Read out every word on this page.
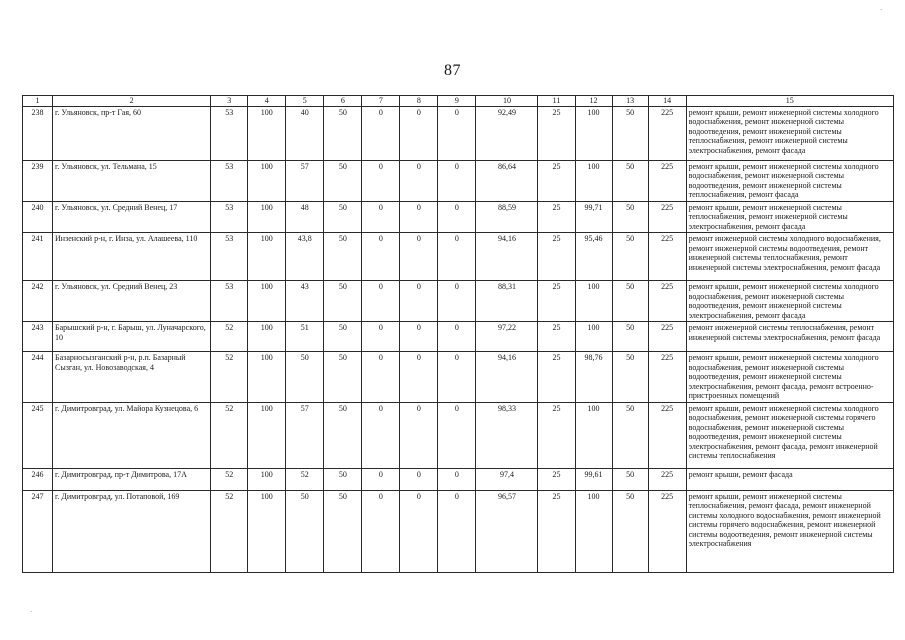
87
1	2	3	4	5	6	7	8	9	10	11	12	13	14	15
238	г. Ульяновск, пр-т Гая, 60	53	100	40	50	0	0	0	92,49	25	100	50	225	ремонт крыши, ремонт инженерной системы холодного водоснабжения, ремонт инженерной системы водоотведения, ремонт инженерной системы теплоснабжения, ремонт инженерной системы электроснабжения, ремонт фасада
239	г. Ульяновск, ул. Тельмана, 15	53	100	57	50	0	0	0	86,64	25	100	50	225	ремонт крыши, ремонт инженерной системы холодного водоснабжения, ремонт инженерной системы водоотведения, ремонт инженерной системы теплоснабжения, ремонт фасада
240	г. Ульяновск, ул. Средний Венец, 17	53	100	48	50	0	0	0	88,59	25	99,71	50	225	ремонт крыши, ремонт инженерной системы теплоснабжения, ремонт инженерной системы электроснабжения, ремонт фасада
241	Инзенский р-н, г. Инза, ул. Алашеева, 110	53	100	43,8	50	0	0	0	94,16	25	95,46	50	225	ремонт инженерной системы холодного водоснабжения, ремонт инженерной системы водоотведения, ремонт инженерной системы теплоснабжения, ремонт инженерной системы электроснабжения, ремонт фасада
242	г. Ульяновск, ул. Средний Венец, 23	53	100	43	50	0	0	0	88,31	25	100	50	225	ремонт крыши, ремонт инженерной системы холодного водоснабжения, ремонт инженерной системы водоотведения, ремонт инженерной системы электроснабжения, ремонт фасада
243	Барышский р-н, г. Барыш, ул. Луначарского, 10	52	100	51	50	0	0	0	97,22	25	100	50	225	ремонт инженерной системы теплоснабжения, ремонт инженерной системы электроснабжения, ремонт фасада
244	Базарносызганский р-н, р.п. Базарный Сызган, ул. Новозаводская, 4	52	100	50	50	0	0	0	94,16	25	98,76	50	225	ремонт крыши, ремонт инженерной системы холодного водоснабжения, ремонт инженерной системы водоотведения, ремонт инженерной системы электроснабжения, ремонт фасада, ремонт встроенно-пристроенных помещений
245	г. Димитровград, ул. Майора Кузнецова, 6	52	100	57	50	0	0	0	98,33	25	100	50	225	ремонт крыши, ремонт инженерной системы холодного водоснабжения, ремонт инженерной системы горячего водоснабжения, ремонт инженерной системы водоотведения, ремонт инженерной системы электроснабжения, ремонт фасада, ремонт инженерной системы теплоснабжения
246	г. Димитровград, пр-т Димитрова, 17А	52	100	52	50	0	0	0	97,4	25	99,61	50	225	ремонт крыши, ремонт фасада
247	г. Димитровград, ул. Потаповой, 169	52	100	50	50	0	0	0	96,57	25	100	50	225	ремонт крыши, ремонт инженерной системы теплоснабжения, ремонт фасада, ремонт инженерной системы холодного водоснабжения, ремонт инженерной системы горячего водоснабжения, ремонт инженерной системы водоотведения, ремонт инженерной системы электроснабжения
·
·
